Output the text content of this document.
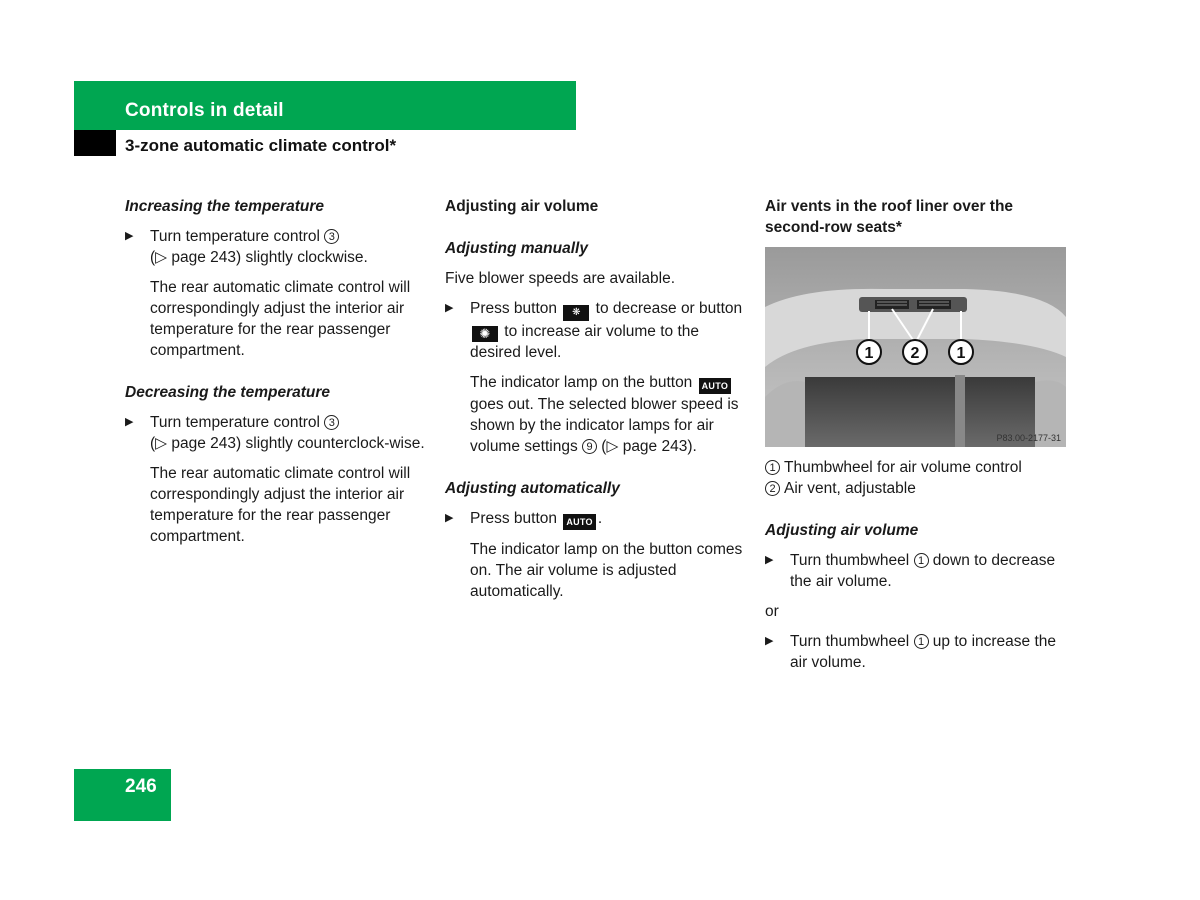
Controls in detail
3-zone automatic climate control*
Increasing the temperature
▶ Turn temperature control 3
(▷ page 243) slightly clockwise.

The rear automatic climate control will correspondingly adjust the interior air temperature for the rear passenger compartment.

Decreasing the temperature
▶ Turn temperature control 3
(▷ page 243) slightly counterclock-wise.

The rear automatic climate control will correspondingly adjust the interior air temperature for the rear passenger compartment.

Adjusting air volume
Adjusting manually

Five blower speeds are available.

▶ Press button ❋ to decrease or button ✺ to increase air volume to the desired level.

The indicator lamp on the button AUTO goes out. The selected blower speed is shown by the indicator lamps for air volume settings 9 (▷ page 243).

Adjusting automatically
▶ Press button AUTO .

The indicator lamp on the button comes on. The air volume is adjusted automatically.

Air vents in the roof liner over the second-row seats*
1 2 1
P83.00-2177-31
1 Thumbwheel for air volume control
2 Air vent, adjustable
Adjusting air volume
▶ Turn thumbwheel 1 down to decrease the air volume.

or

▶ Turn thumbwheel 1 up to increase the air volume.
246
